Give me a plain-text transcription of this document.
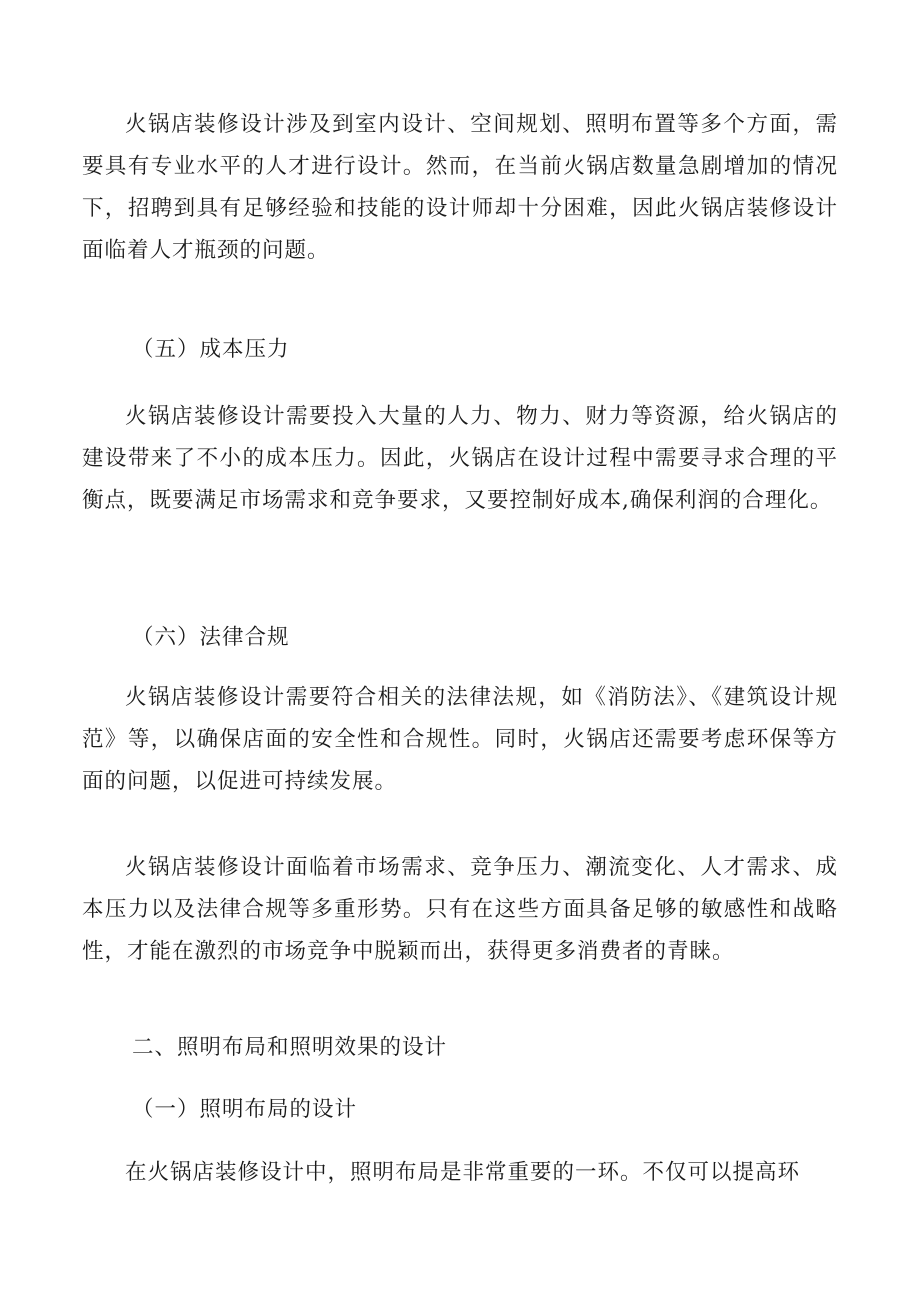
火锅店装修设计涉及到室内设计、空间规划、照明布置等多个方面，需要具有专业水平的人才进行设计。然而，在当前火锅店数量急剧增加的情况下，招聘到具有足够经验和技能的设计师却十分困难，因此火锅店装修设计面临着人才瓶颈的问题。

（五）成本压力

火锅店装修设计需要投入大量的人力、物力、财力等资源，给火锅店的建设带来了不小的成本压力。因此，火锅店在设计过程中需要寻求合理的平衡点，既要满足市场需求和竞争要求，又要控制好成本,确保利润的合理化。

（六）法律合规

火锅店装修设计需要符合相关的法律法规，如《消防法》、《建筑设计规范》等，以确保店面的安全性和合规性。同时，火锅店还需要考虑环保等方面的问题，以促进可持续发展。

火锅店装修设计面临着市场需求、竞争压力、潮流变化、人才需求、成本压力以及法律合规等多重形势。只有在这些方面具备足够的敏感性和战略性，才能在激烈的市场竞争中脱颖而出，获得更多消费者的青睐。

二、照明布局和照明效果的设计

（一）照明布局的设计

在火锅店装修设计中，照明布局是非常重要的一环。不仅可以提高环
